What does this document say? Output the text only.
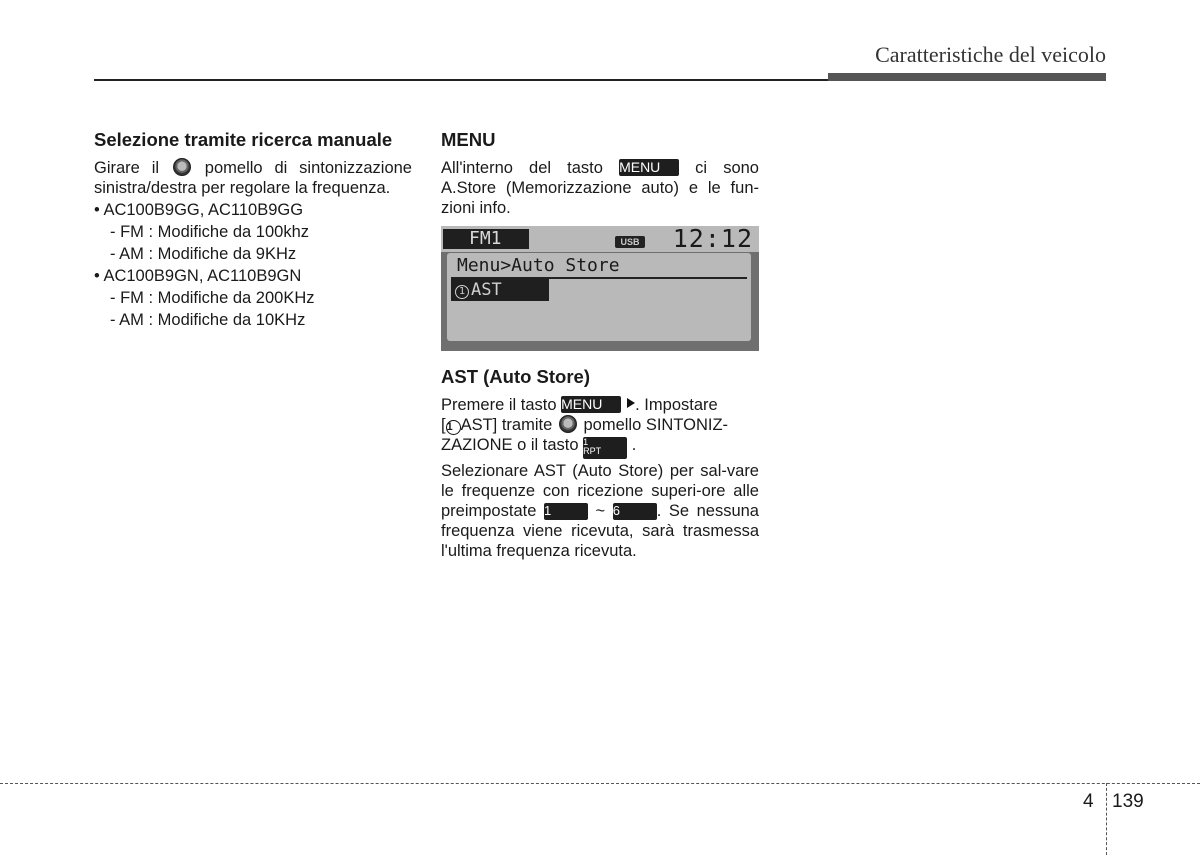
Caratteristiche del veicolo
Selezione tramite ricerca manuale

Girare il	pomello di sintonizzazione sinistra/destra per regolare la frequenza.

• AC100B9GG, AC110B9GG
- FM : Modifiche da 100khz
- AM : Modifiche da 9KHz
• AC100B9GN, AC110B9GN
- FM : Modifiche da 200KHz
- AM : Modifiche da 10KHz
MENU

All'interno del tasto MENU ci sono A.Store (Memorizzazione auto) e le fun-zioni info.

FM1	USB 12:12
Menu>Auto Store
1 AST
AST (Auto Store)

Premere il tasto MENU . Impostare
[1 AST] tramite pomello SINTONIZ-
ZAZIONE o il tasto 1
RPT .

Selezionare AST (Auto Store) per sal-vare le frequenze con ricezione superi-ore alle preimpostate 1	~ 6 . Se nessuna frequenza viene ricevuta, sarà trasmessa l'ultima frequenza ricevuta.

4 139
